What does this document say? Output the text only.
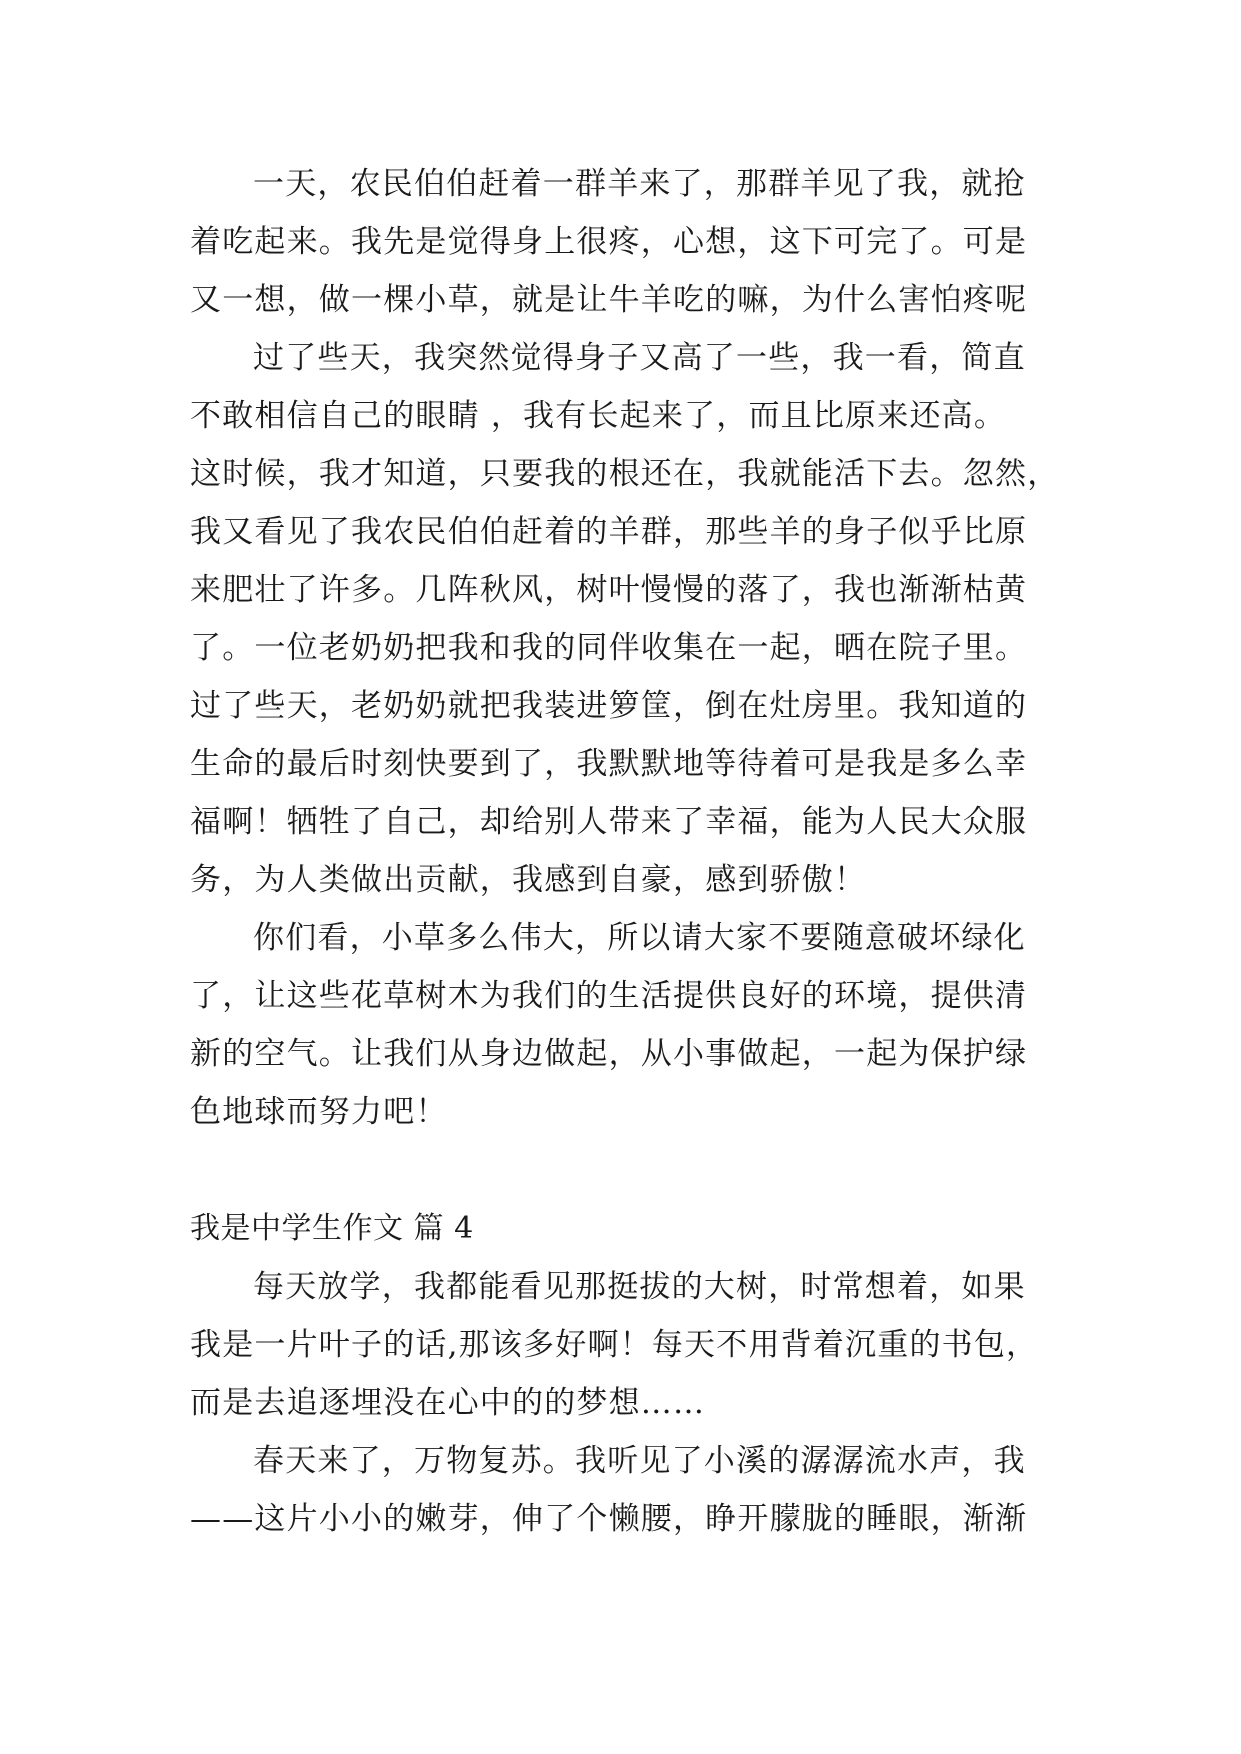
一天，农民伯伯赶着一群羊来了，那群羊见了我，就抢
着吃起来。我先是觉得身上很疼，心想，这下可完了。可是
又一想，做一棵小草，就是让牛羊吃的嘛，为什么害怕疼呢
过了些天，我突然觉得身子又高了一些，我一看，简直
不敢相信自己的眼睛 ，我有长起来了，而且比原来还高。
这时候，我才知道，只要我的根还在，我就能活下去。忽然，
我又看见了我农民伯伯赶着的羊群，那些羊的身子似乎比原
来肥壮了许多。几阵秋风，树叶慢慢的落了，我也渐渐枯黄
了。一位老奶奶把我和我的同伴收集在一起，晒在院子里。
过了些天，老奶奶就把我装进箩筐，倒在灶房里。我知道的
生命的最后时刻快要到了，我默默地等待着可是我是多么幸
福啊！牺牲了自己，却给别人带来了幸福，能为人民大众服
务，为人类做出贡献，我感到自豪，感到骄傲！
你们看，小草多么伟大，所以请大家不要随意破坏绿化
了，让这些花草树木为我们的生活提供良好的环境，提供清
新的空气。让我们从身边做起，从小事做起，一起为保护绿
色地球而努力吧！
我是中学生作文 篇 4
每天放学，我都能看见那挺拔的大树，时常想着，如果
我是一片叶子的话,那该多好啊！每天不用背着沉重的书包，
而是去追逐埋没在心中的的梦想……
春天来了，万物复苏。我听见了小溪的潺潺流水声，我
——这片小小的嫩芽，伸了个懒腰，睁开朦胧的睡眼，渐渐
